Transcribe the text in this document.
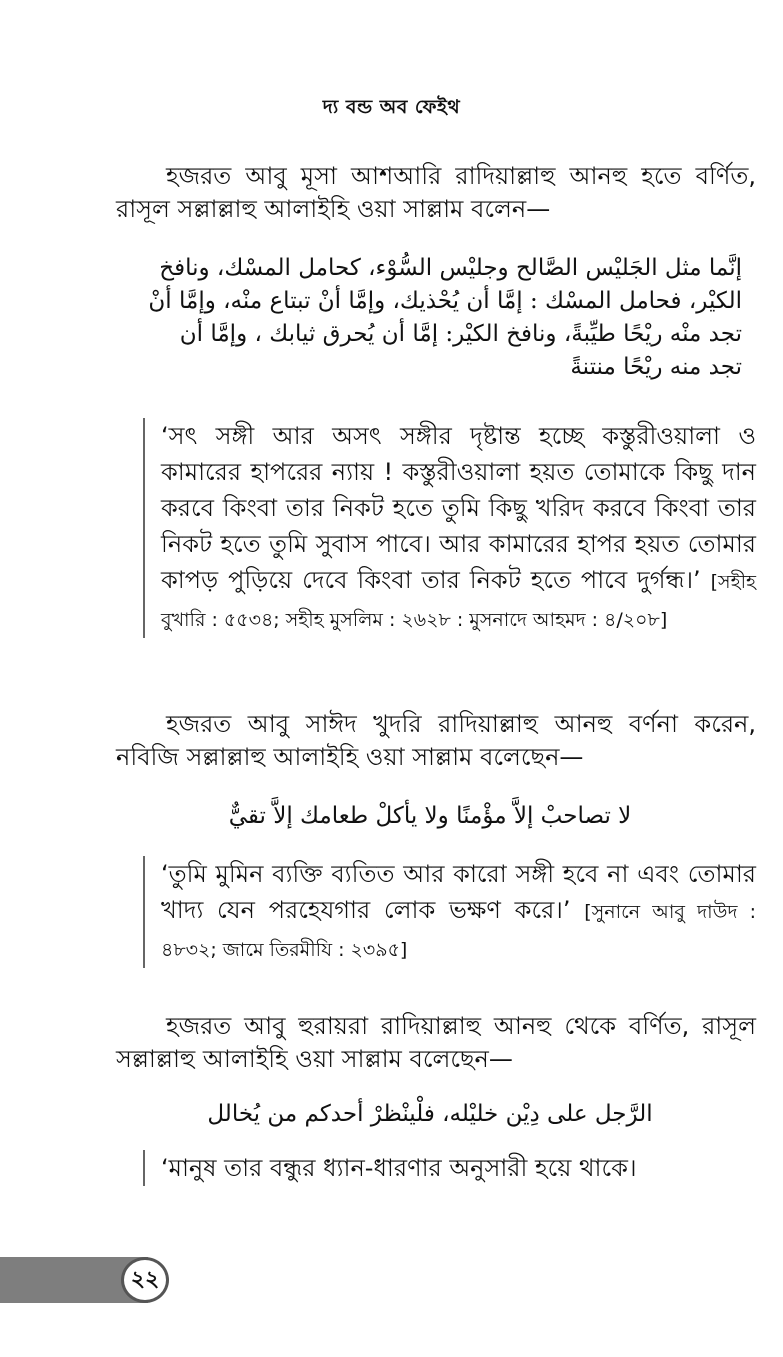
দ্য বন্ড অব ফেইথ
হজরত আবু মূসা আশআরি রাদিয়াল্লাহু আনহু হতে বর্ণিত, রাসূল সল্লাল্লাহু আলাইহি ওয়া সাল্লাম বলেন—
إنَّما مثل الجَليْس الصَّالح وجليْس السُّوْء، كحامل المسْك، ونافخ الكيْر، فحامل المسْك : إمَّا أن يُحْذيك، وإمَّا أنْ تبتاع منْه، وإمَّا أنْ تجد منْه ريْحًا طيِّبةً، ونافخ الكيْر: إمَّا أن يُحرق ثيابك ، وإمَّا أن تجد منه ريْحًا منتنةً
‘সৎ সঙ্গী আর অসৎ সঙ্গীর দৃষ্টান্ত হচ্ছে কস্তুরীওয়ালা ও কামারের হাপরের ন্যায় ! কস্তুরীওয়ালা হয়ত তোমাকে কিছু দান করবে কিংবা তার নিকট হতে তুমি কিছু খরিদ করবে কিংবা তার নিকট হতে তুমি সুবাস পাবে। আর কামারের হাপর হয়ত তোমার কাপড় পুড়িয়ে দেবে কিংবা তার নিকট হতে পাবে দুর্গন্ধ।’ [সহীহ বুখারি : ৫৫৩৪; সহীহ মুসলিম : ২৬২৮ : মুসনাদে আহমদ : ৪/২০৮]
হজরত আবু সাঈদ খুদরি রাদিয়াল্লাহু আনহু বর্ণনা করেন, নবিজি সল্লাল্লাহু আলাইহি ওয়া সাল্লাম বলেছেন—
لا تصاحبْ إلاَّ مؤْمنًا ولا يأكلْ طعامك إلاَّ تقيٌّ
‘তুমি মুমিন ব্যক্তি ব্যতিত আর কারো সঙ্গী হবে না এবং তোমার খাদ্য যেন পরহেযগার লোক ভক্ষণ করে।’ [সুনানে আবু দাউদ : ৪৮৩২; জামে তিরমীযি : ২৩৯৫]
হজরত আবু হুরায়রা রাদিয়াল্লাহু আনহু থেকে বর্ণিত, রাসূল সল্লাল্লাহু আলাইহি ওয়া সাল্লাম বলেছেন—
الرَّجل على دِيْن خليْله، فلْينْظرْ أحدكم من يُخالل
‘মানুষ তার বন্ধুর ধ্যান-ধারণার অনুসারী হয়ে থাকে।
২২
